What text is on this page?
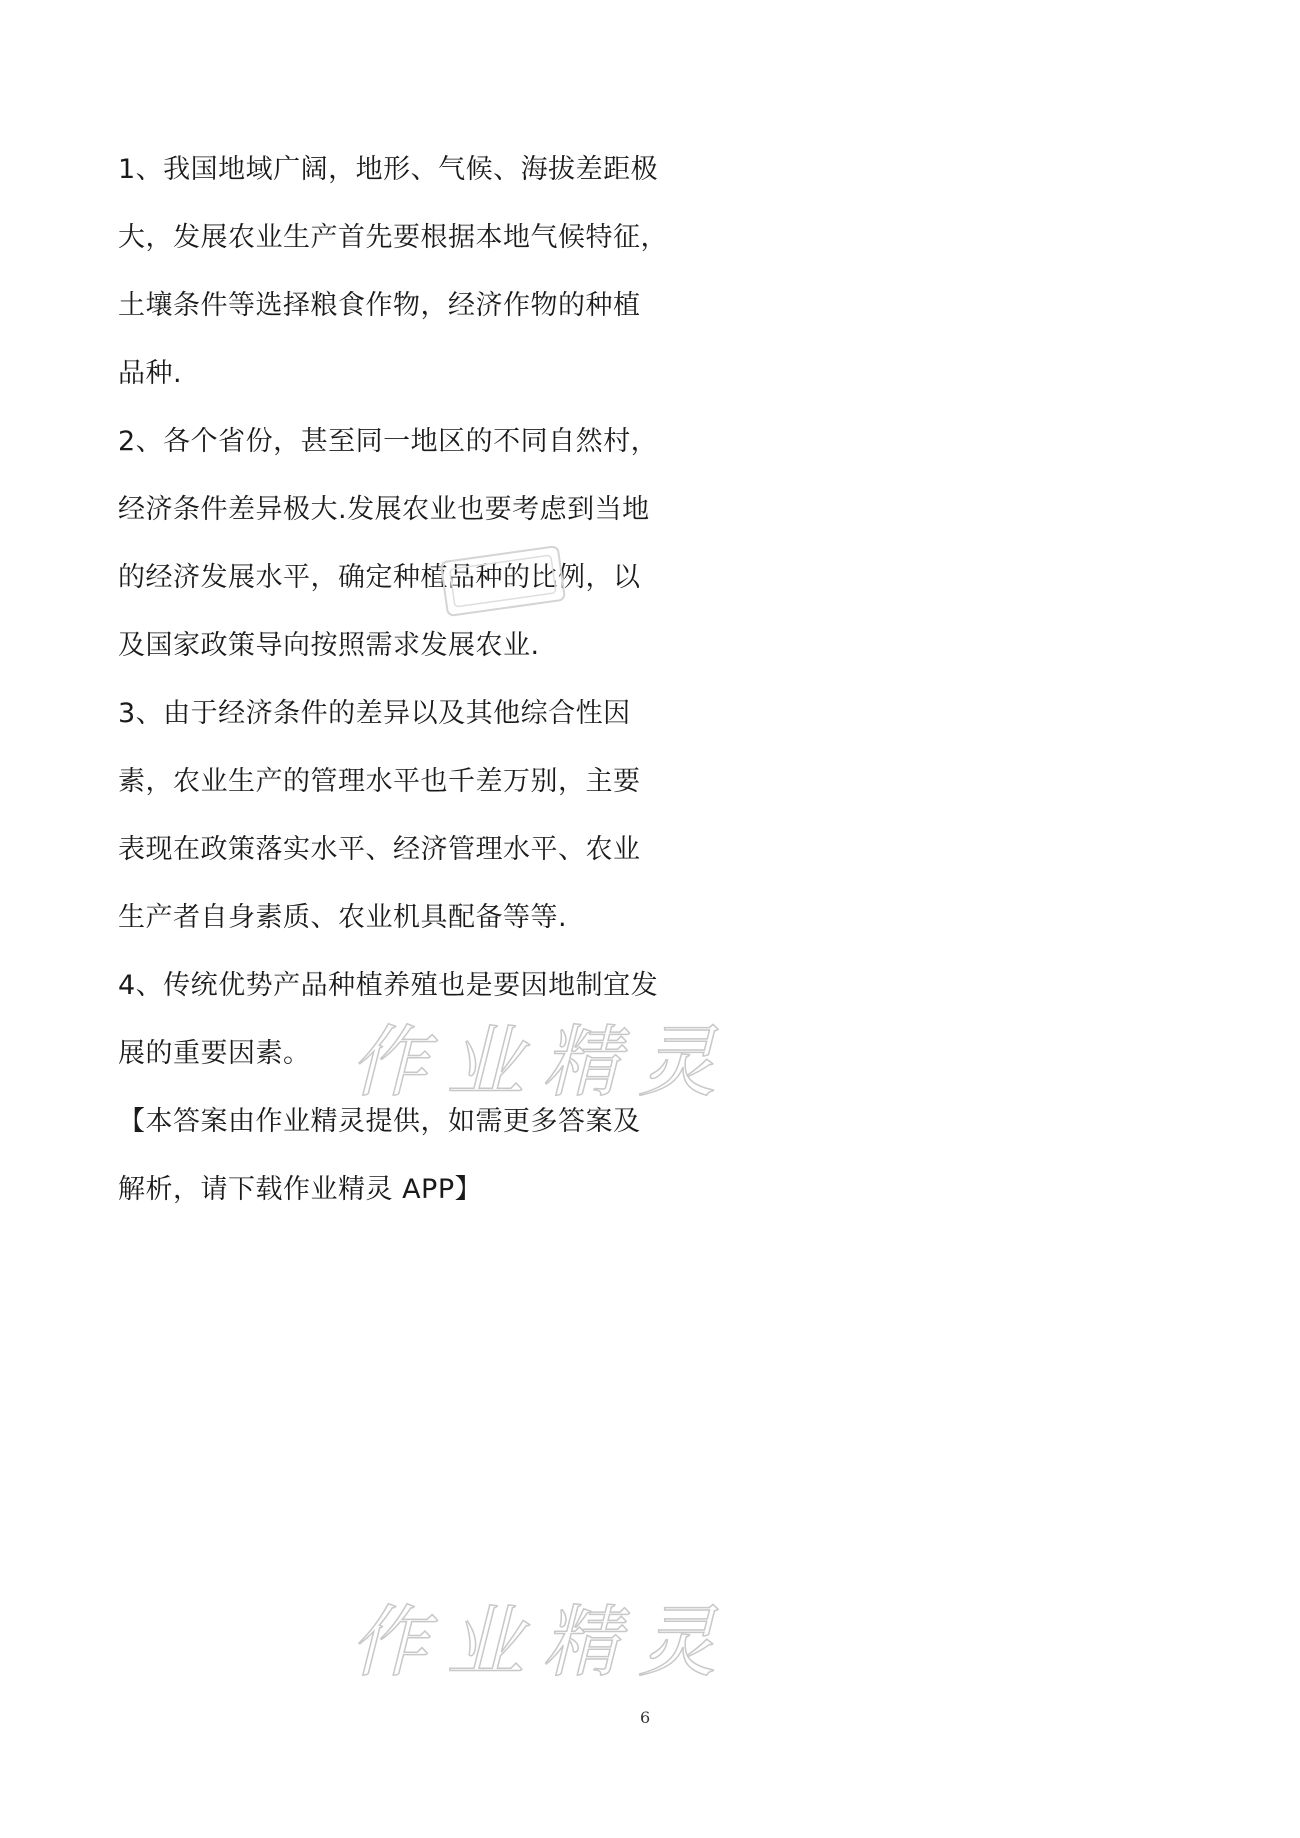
1、我国地域广阔，地形、气候、海拔差距极
大，发展农业生产首先要根据本地气候特征，
土壤条件等选择粮食作物，经济作物的种植
品种.
2、各个省份，甚至同一地区的不同自然村，
经济条件差异极大.发展农业也要考虑到当地
的经济发展水平，确定种植品种的比例，以
及国家政策导向按照需求发展农业.
3、由于经济条件的差异以及其他综合性因
素，农业生产的管理水平也千差万别，主要
表现在政策落实水平、经济管理水平、农业
生产者自身素质、农业机具配备等等.
4、传统优势产品种植养殖也是要因地制宜发
展的重要因素。
【本答案由作业精灵提供，如需更多答案及
解析，请下载作业精灵 APP】
作业精灵
作业精灵
6
